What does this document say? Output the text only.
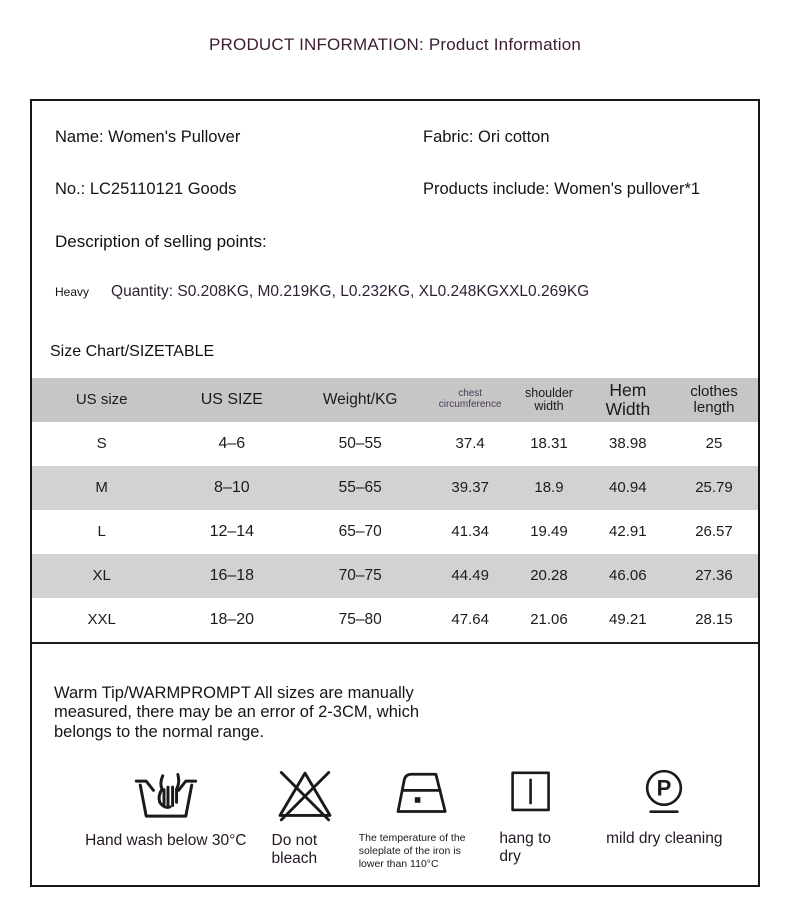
PRODUCT INFORMATION: Product Information
Name: Women's Pullover	Fabric: Ori cotton
No.: LC25110121 Goods	Products include: Women's pullover*1
Description of selling points:
Heavy Quantity: S0.208KG, M0.219KG, L0.232KG, XL0.248KGXXL0.269KG
Size Chart/SIZETABLE
US size	US SIZE	Weight/KG	chest circumference	shoulder width	Hem Width	clothes length
S	4–6	50–55	37.4	18.31	38.98	25
M	8–10	55–65	39.37	18.9	40.94	25.79
L	12–14	65–70	41.34	19.49	42.91	26.57
XL	16–18	70–75	44.49	20.28	46.06	27.36
XXL	18–20	75–80	47.64	21.06	49.21	28.15

Warm Tip/WARMPROMPT All sizes are manually measured, there may be an error of 2-3CM, which belongs to the normal range.

Hand wash below 30°C Do not bleach
The temperature of the soleplate of the iron is lower than 110°C
hang to dry
P
mild dry cleaning
